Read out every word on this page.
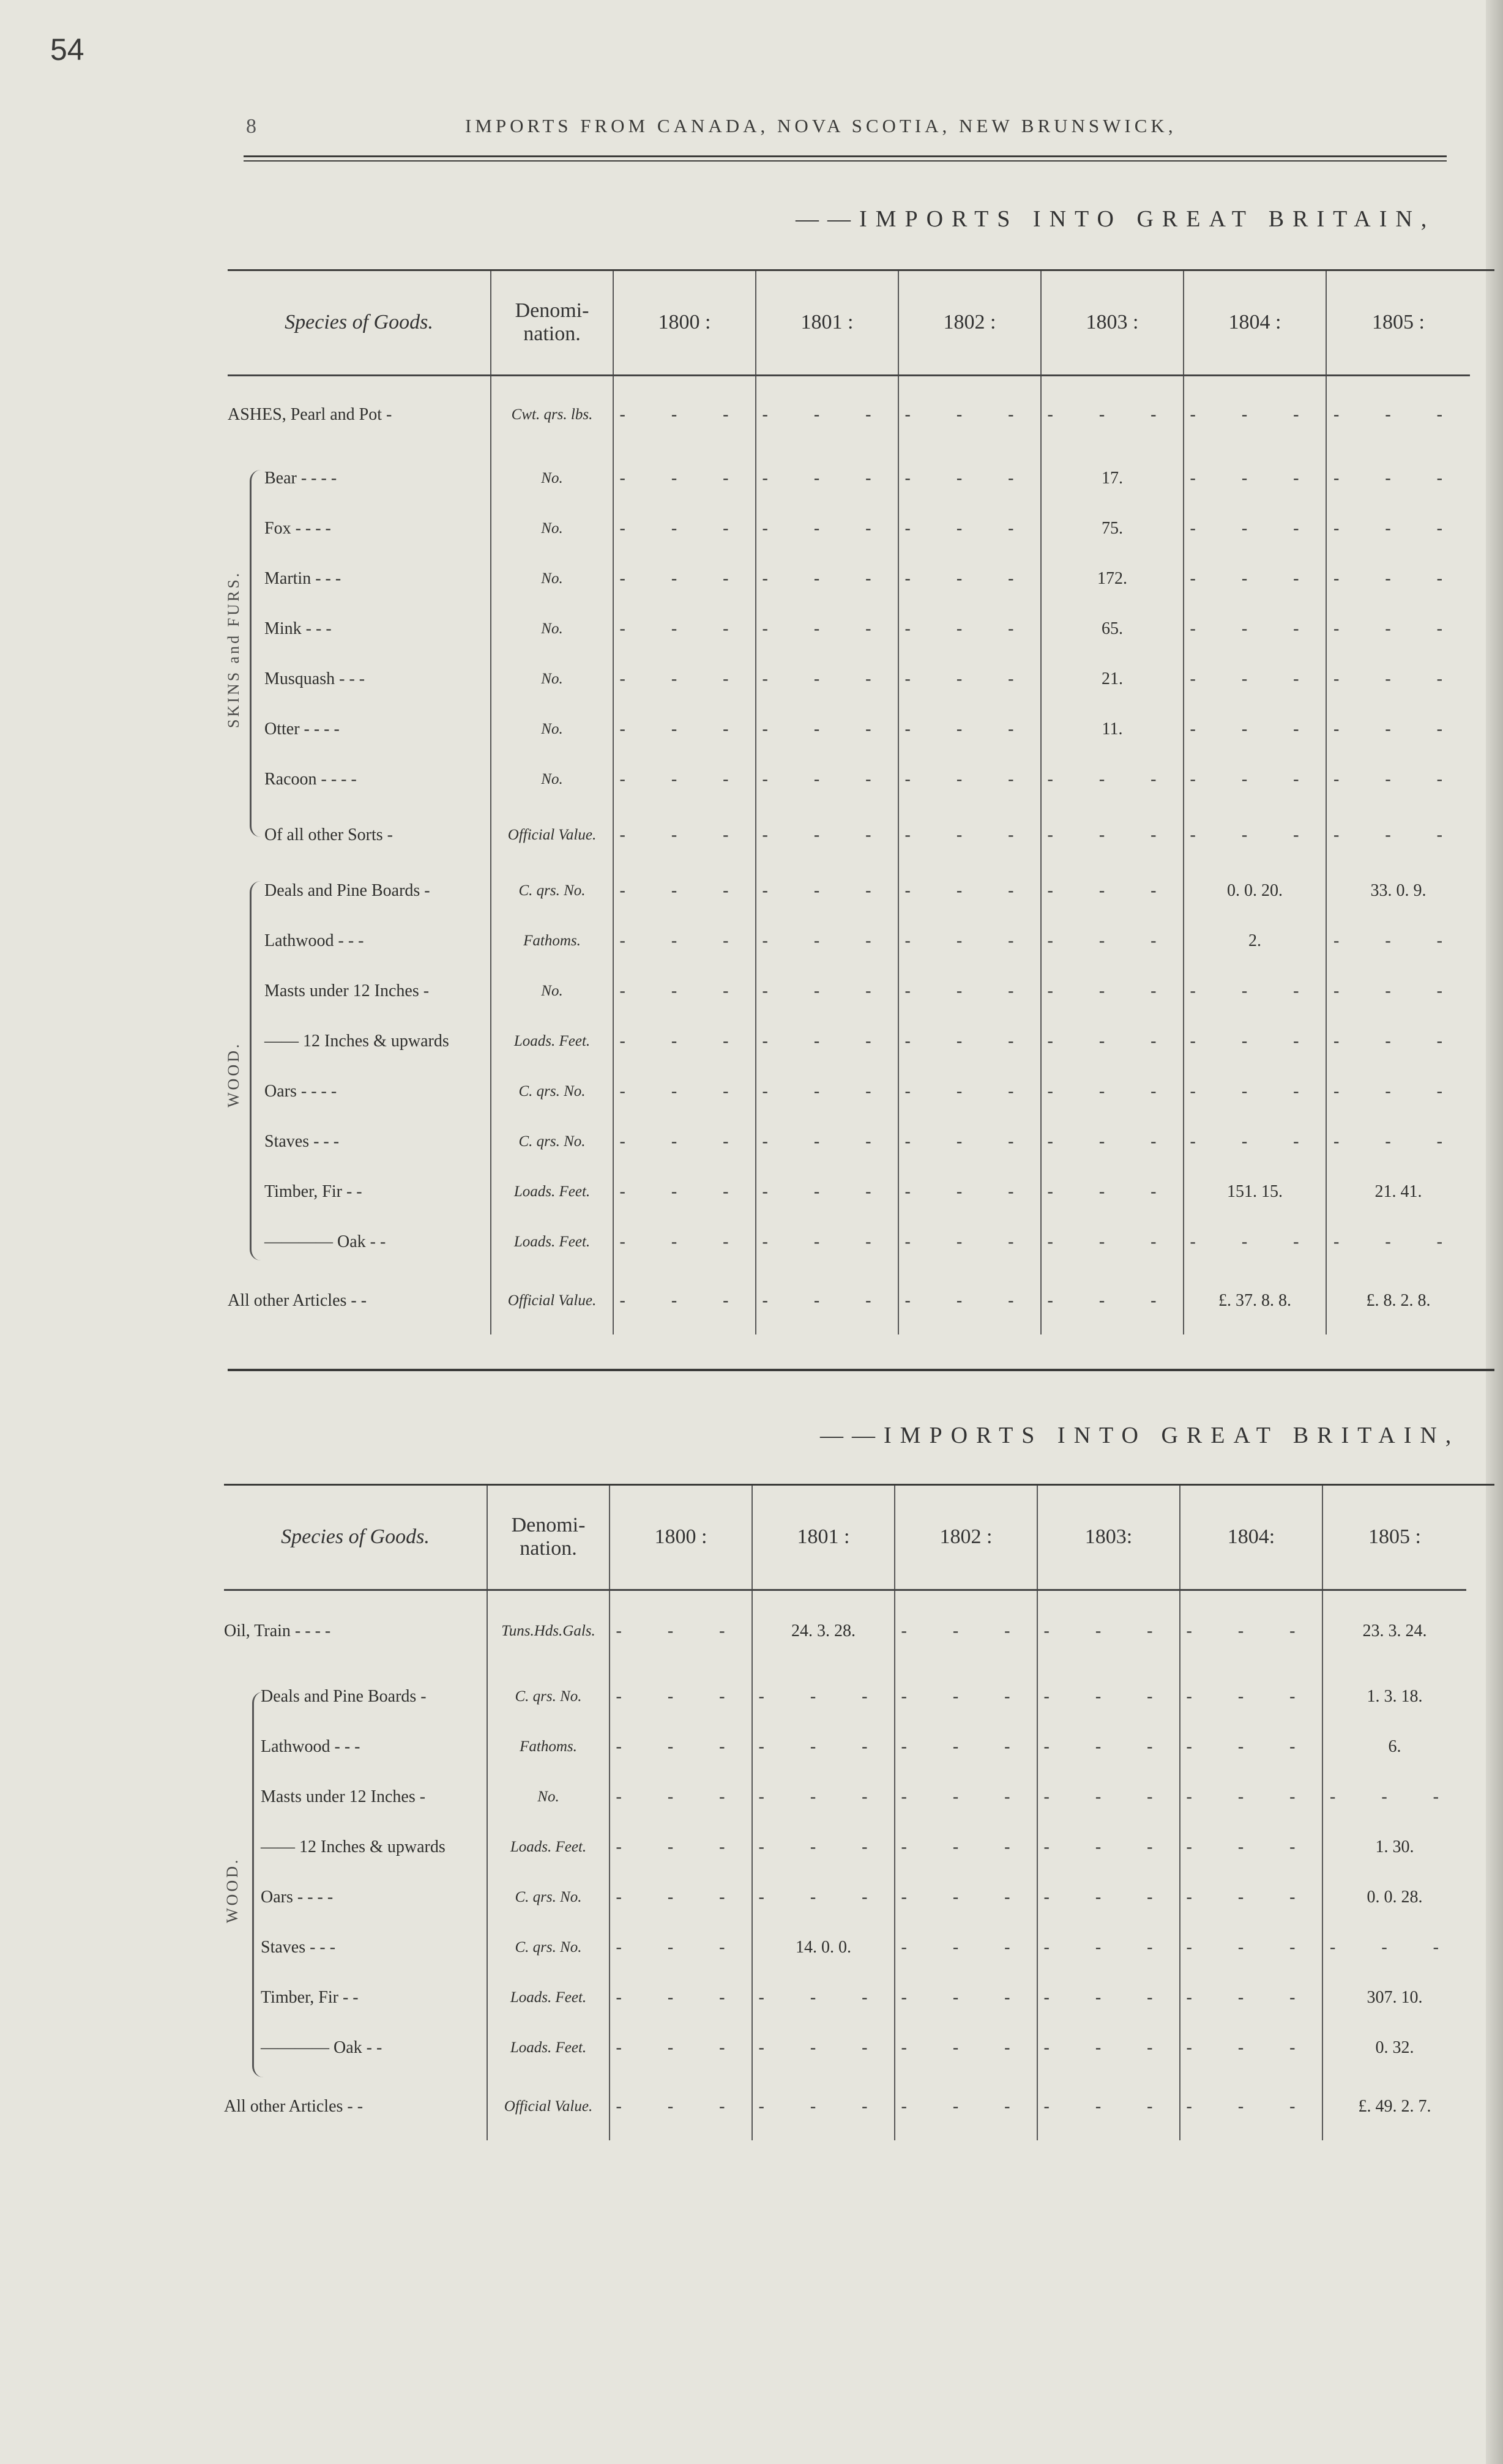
54
8	IMPORTS FROM CANADA, NOVA SCOTIA, NEW BRUNSWICK,
——IMPORTS INTO GREAT BRITAIN,
SKINS and FURS.
WOOD.
Species of Goods.	Denomi-nation.	1800 :	1801 :	1802 :	1803 :	1804 :	1805 :
ASHES, Pearl and Pot -	Cwt. qrs. lbs.	- - -	- - -	- - -	- - -	- - -	- - -
Bear - - - -	No.	- - -	- - -	- - -	17.	- - -	- - -
Fox - - - -	No.	- - -	- - -	- - -	75.	- - -	- - -
Martin - - -	No.	- - -	- - -	- - -	172.	- - -	- - -
Mink - - -	No.	- - -	- - -	- - -	65.	- - -	- - -
Musquash - - -	No.	- - -	- - -	- - -	21.	- - -	- - -
Otter - - - -	No.	- - -	- - -	- - -	11.	- - -	- - -
Racoon - - - -	No.	- - -	- - -	- - -	- - -	- - -	- - -
Of all other Sorts -	Official Value.	- - -	- - -	- - -	- - -	- - -	- - -
Deals and Pine Boards -	C. qrs. No.	- - -	- - -	- - -	- - -	0. 0. 20.	33. 0. 9.
Lathwood - - -	Fathoms.	- - -	- - -	- - -	- - -	2.	- - -
Masts under 12 Inches -	No.	- - -	- - -	- - -	- - -	- - -	- - -
—— 12 Inches & upwards	Loads. Feet.	- - -	- - -	- - -	- - -	- - -	- - -
Oars - - - -	C. qrs. No.	- - -	- - -	- - -	- - -	- - -	- - -
Staves - - -	C. qrs. No.	- - -	- - -	- - -	- - -	- - -	- - -
Timber, Fir - -	Loads. Feet.	- - -	- - -	- - -	- - -	151. 15.	21. 41.
———— Oak - -	Loads. Feet.	- - -	- - -	- - -	- - -	- - -	- - -
All other Articles - -	Official Value.	- - -	- - -	- - -	- - -	£. 37. 8. 8.	£. 8. 2. 8.
——IMPORTS INTO GREAT BRITAIN,
WOOD.
Species of Goods.	Denomi-nation.	1800 :	1801 :	1802 :	1803:	1804:	1805 :
Oil, Train - - - -	Tuns.Hds.Gals.	- - -	24. 3. 28.	- - -	- - -	- - -	23. 3. 24.
Deals and Pine Boards -	C. qrs. No.	- - -	- - -	- - -	- - -	- - -	1. 3. 18.
Lathwood - - -	Fathoms.	- - -	- - -	- - -	- - -	- - -	6.
Masts under 12 Inches -	No.	- - -	- - -	- - -	- - -	- - -	- - -
—— 12 Inches & upwards	Loads. Feet.	- - -	- - -	- - -	- - -	- - -	1. 30.
Oars - - - -	C. qrs. No.	- - -	- - -	- - -	- - -	- - -	0. 0. 28.
Staves - - -	C. qrs. No.	- - -	14. 0. 0.	- - -	- - -	- - -	- - -
Timber, Fir - -	Loads. Feet.	- - -	- - -	- - -	- - -	- - -	307. 10.
———— Oak - -	Loads. Feet.	- - -	- - -	- - -	- - -	- - -	0. 32.
All other Articles - -	Official Value.	- - -	- - -	- - -	- - -	- - -	£. 49. 2. 7.
